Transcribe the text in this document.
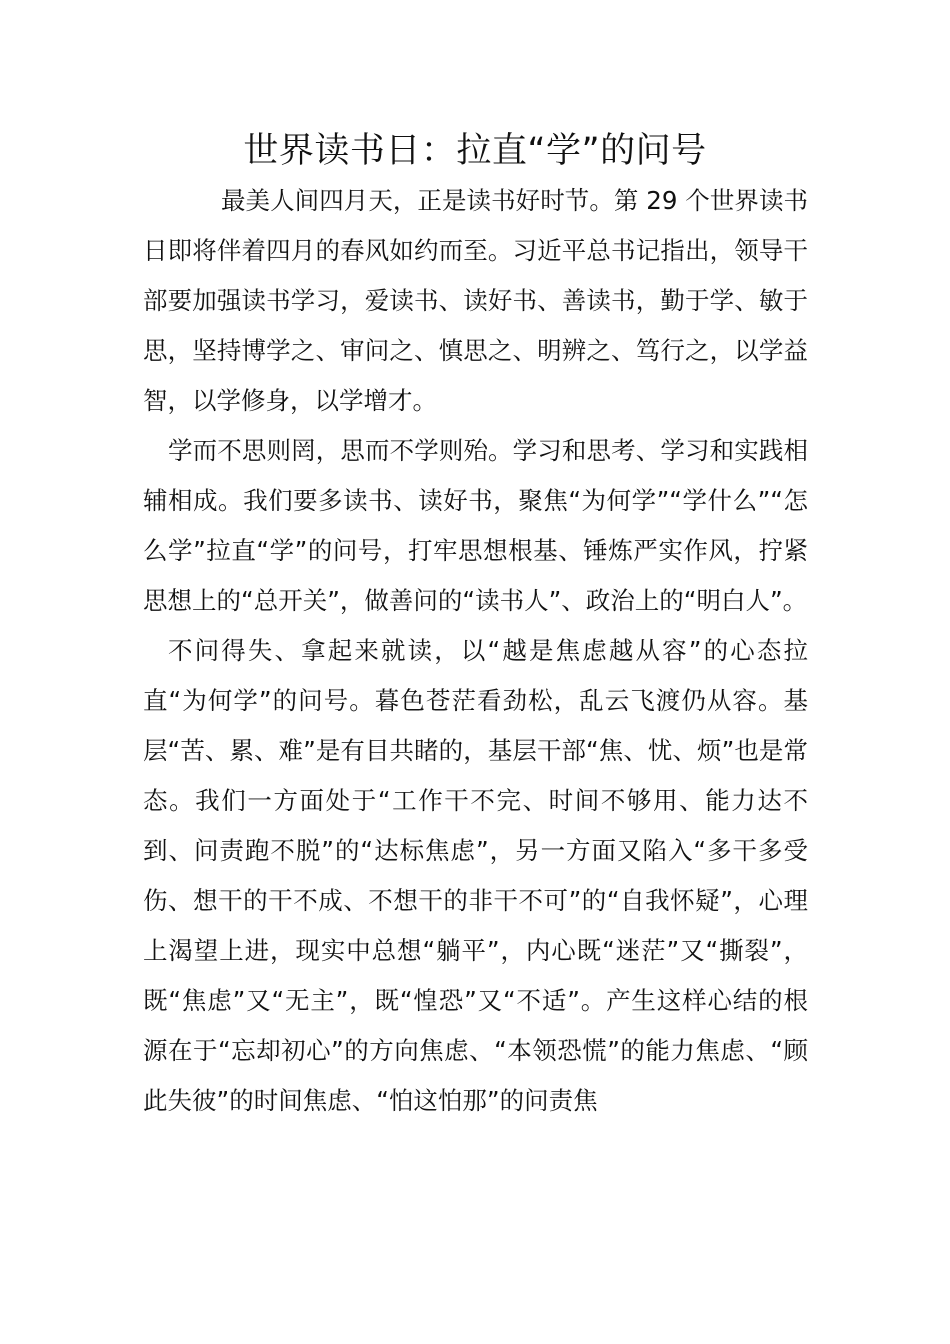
世界读书日：拉直“学”的问号

最美人间四月天，正是读书好时节。第 29 个世界读书日即将伴着四月的春风如约而至。习近平总书记指出，领导干部要加强读书学习，爱读书、读好书、善读书，勤于学、敏于思，坚持博学之、审问之、慎思之、明辨之、笃行之，以学益智，以学修身，以学增才。

学而不思则罔，思而不学则殆。学习和思考、学习和实践相辅相成。我们要多读书、读好书，聚焦“为何学”“学什么”“怎么学”拉直“学”的问号，打牢思想根基、锤炼严实作风，拧紧思想上的“总开关”，做善问的“读书人”、政治上的“明白人”。

不问得失、拿起来就读，以“越是焦虑越从容”的心态拉直“为何学”的问号。暮色苍茫看劲松，乱云飞渡仍从容。基层“苦、累、难”是有目共睹的，基层干部“焦、忧、烦”也是常态。我们一方面处于“工作干不完、时间不够用、能力达不到、问责跑不脱”的“达标焦虑”，另一方面又陷入“多干多受伤、想干的干不成、不想干的非干不可”的“自我怀疑”，心理上渴望上进，现实中总想“躺平”，内心既“迷茫”又“撕裂”，既“焦虑”又“无主”，既“惶恐”又“不适”。产生这样心结的根源在于“忘却初心”的方向焦虑、“本领恐慌”的能力焦虑、“顾此失彼”的时间焦虑、“怕这怕那”的问责焦
